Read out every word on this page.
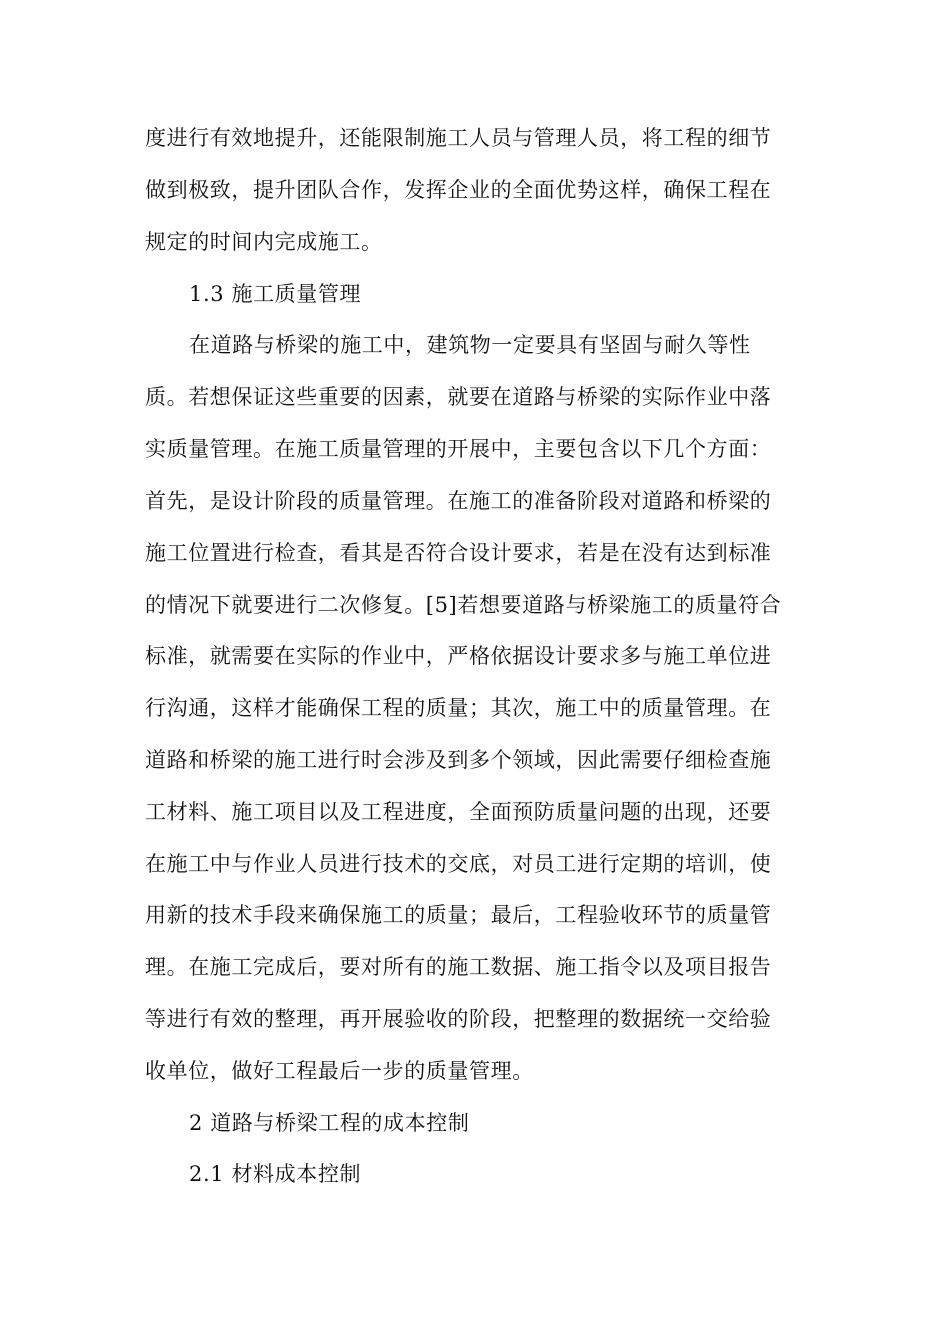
度进行有效地提升，还能限制施工人员与管理人员，将工程的细节

做到极致，提升团队合作，发挥企业的全面优势这样，确保工程在

规定的时间内完成施工。

1.3 施工质量管理

在道路与桥梁的施工中，建筑物一定要具有坚固与耐久等性

质。若想保证这些重要的因素，就要在道路与桥梁的实际作业中落

实质量管理。在施工质量管理的开展中，主要包含以下几个方面：

首先，是设计阶段的质量管理。在施工的准备阶段对道路和桥梁的

施工位置进行检查，看其是否符合设计要求，若是在没有达到标准

的情况下就要进行二次修复。[5]若想要道路与桥梁施工的质量符合

标准，就需要在实际的作业中，严格依据设计要求多与施工单位进

行沟通，这样才能确保工程的质量；其次，施工中的质量管理。在

道路和桥梁的施工进行时会涉及到多个领域，因此需要仔细检查施

工材料、施工项目以及工程进度，全面预防质量问题的出现，还要

在施工中与作业人员进行技术的交底，对员工进行定期的培训，使

用新的技术手段来确保施工的质量；最后，工程验收环节的质量管

理。在施工完成后，要对所有的施工数据、施工指令以及项目报告

等进行有效的整理，再开展验收的阶段，把整理的数据统一交给验

收单位，做好工程最后一步的质量管理。

2 道路与桥梁工程的成本控制

2.1 材料成本控制
